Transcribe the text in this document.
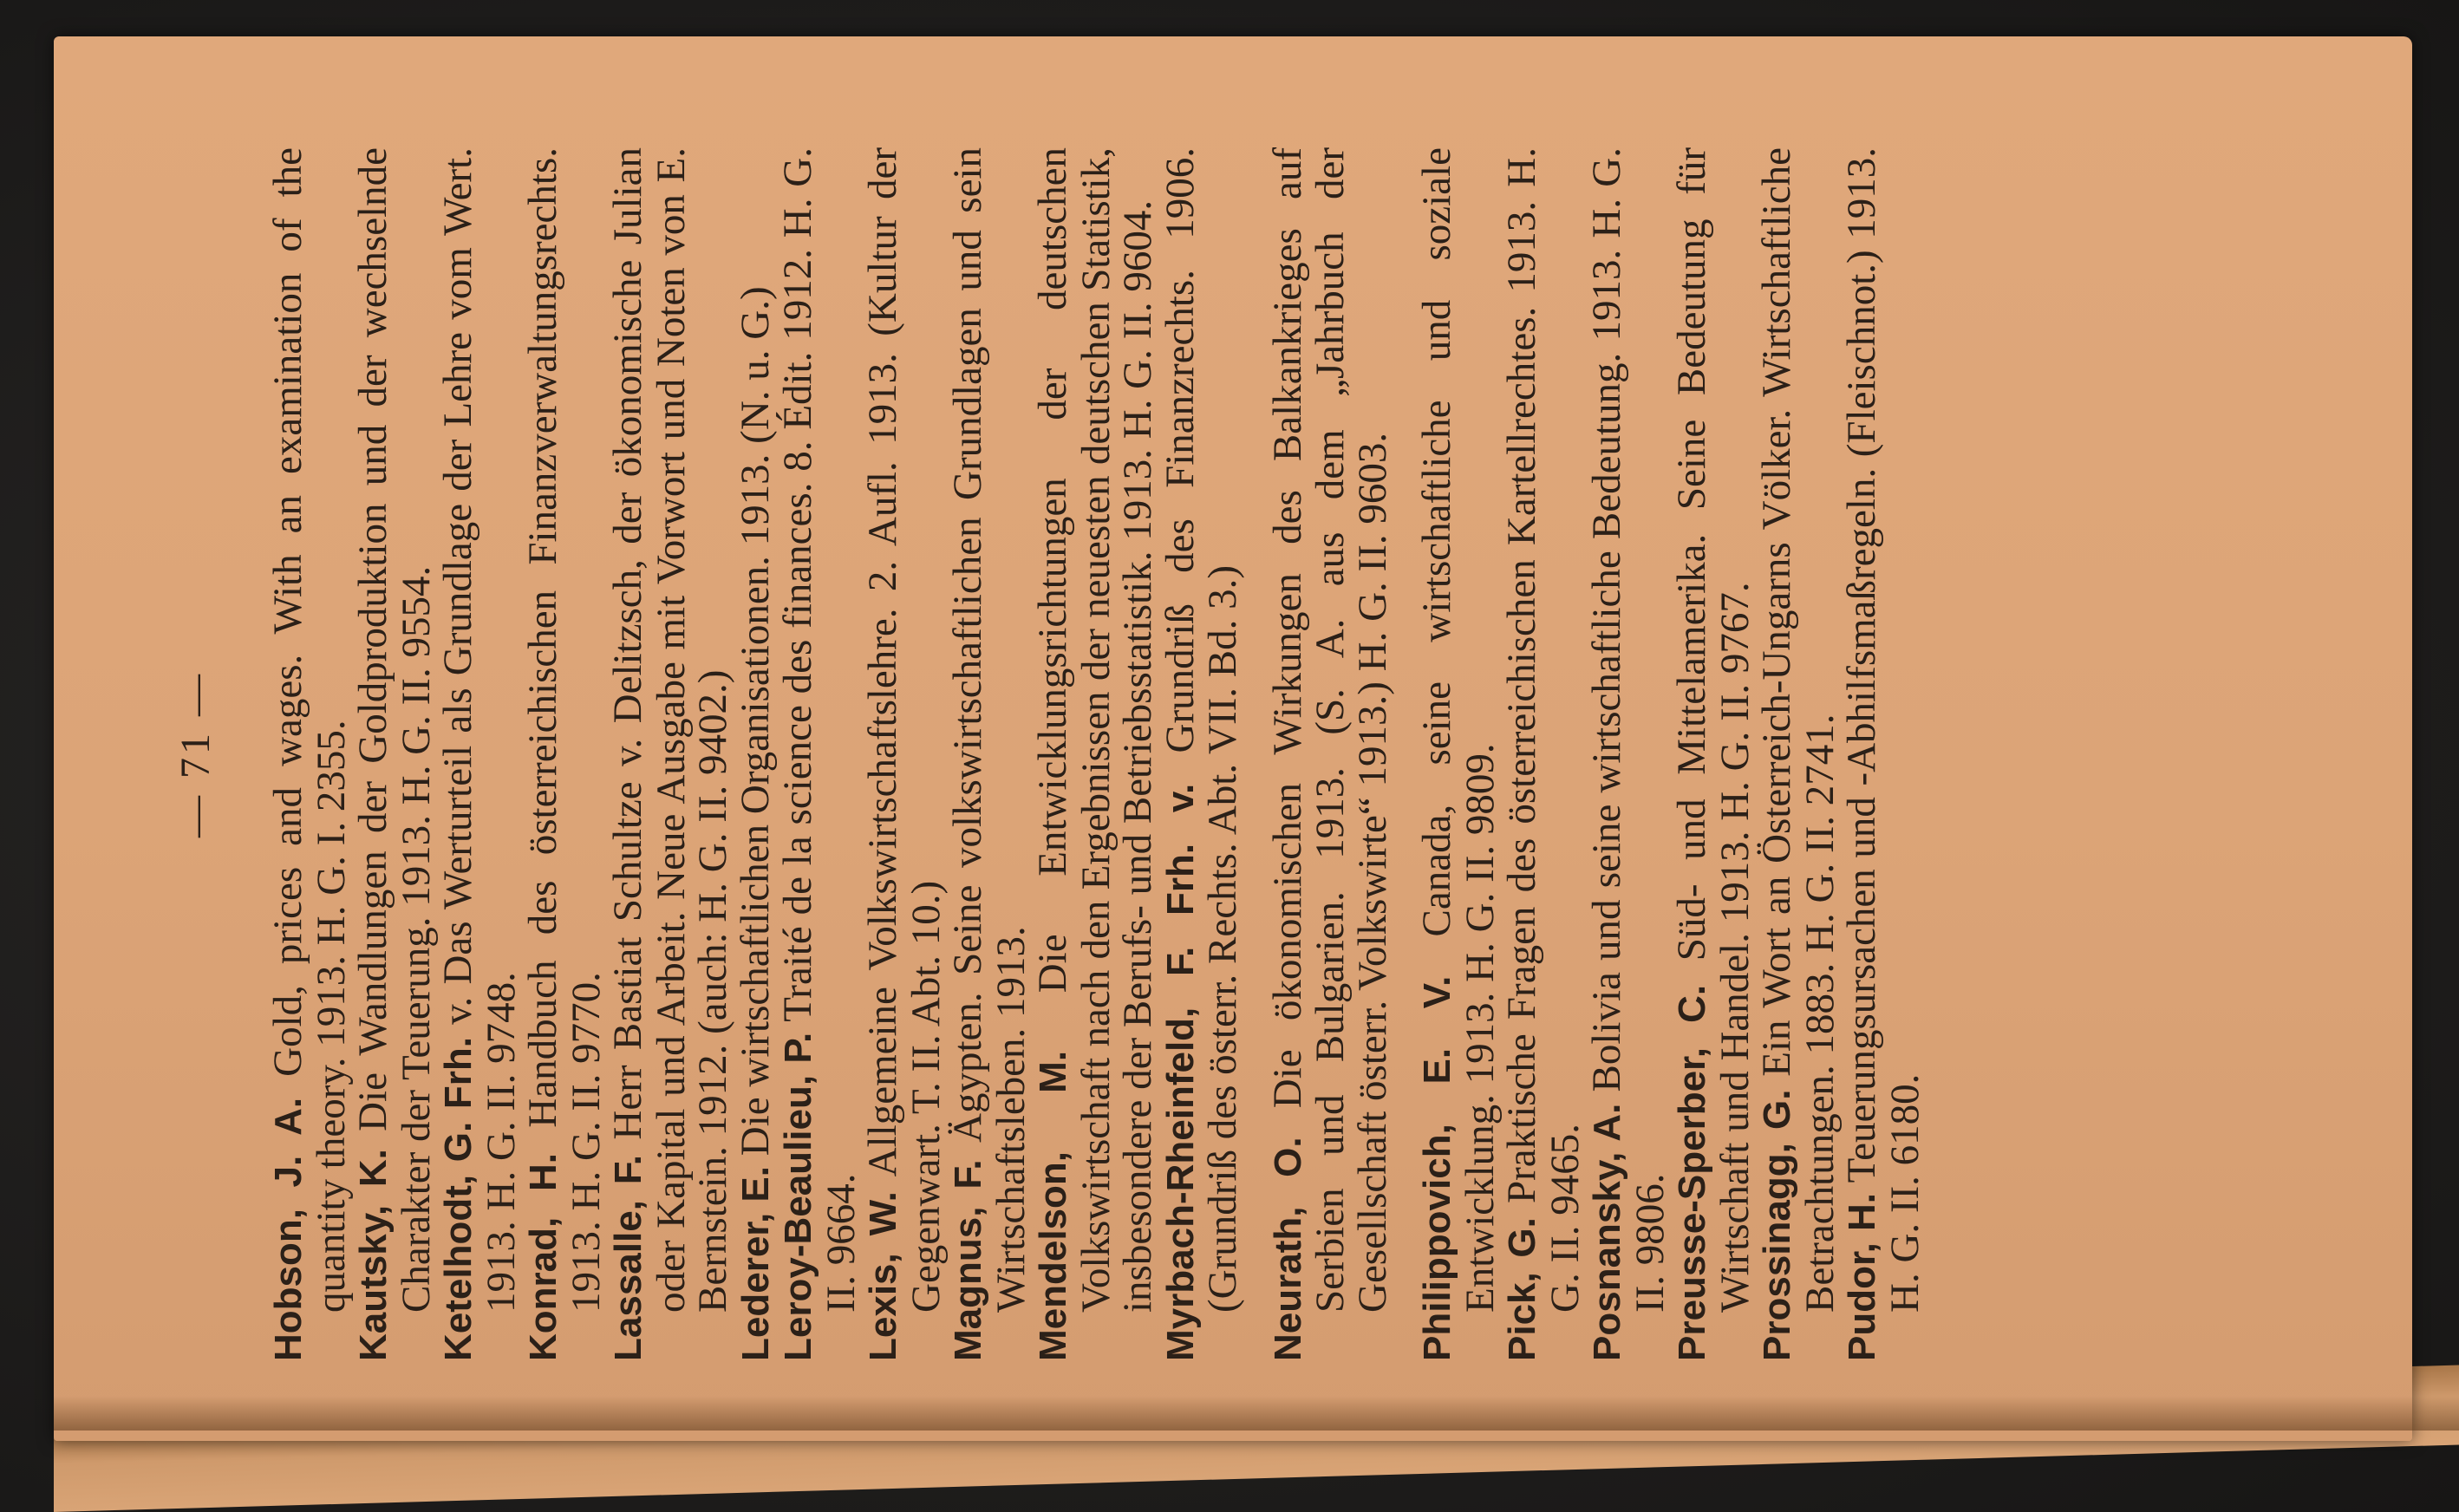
— 71 —

Hobson, J. A. Gold, prices and wages. With an examination of the quantity theory. 1913. H. G. I. 2355.

Kautsky, K. Die Wandlungen der Goldproduktion und der wechselnde Charakter der Teuerung. 1913. H. G. II. 9554.

Ketelhodt, G. Frh. v. Das Werturteil als Grundlage der Lehre vom Wert. 1913. H. G. II. 9748.

Konrad, H. Handbuch des österreichischen Finanzverwaltungsrechts. 1913. H. G. II. 9770.

Lassalle, F. Herr Bastiat Schultze v. Delitzsch, der ökonomische Julian oder Kapital und Arbeit. Neue Ausgabe mit Vorwort und Noten von E. Bernstein. 1912. (auch: H. G. II. 9402.)

Lederer, E. Die wirtschaftlichen Organisationen. 1913. (N. u. G.)

Leroy-Beaulieu, P. Traité de la science des finances. 8. Édit. 1912. H. G. II. 9664.

Lexis, W. Allgemeine Volkswirtschaftslehre. 2. Aufl. 1913. (Kultur der Gegenwart. T. II. Abt. 10.)

Magnus, F. Ägypten. Seine volkswirtschaftlichen Grundlagen und sein Wirtschaftsleben. 1913.

Mendelson, M. Die Entwicklungsrichtungen der deutschen Volkswirtschaft nach den Ergebnissen der neuesten deutschen Statistik, insbesondere der Berufs- und Betriebsstatistik. 1913. H. G. II. 9604.

Myrbach-Rheinfeld, F. Frh. v. Grundriß des Finanzrechts. 1906. (Grundriß des österr. Rechts. Abt. VII. Bd. 3.) Neurath, O. Die ökonomischen Wirkungen des Balkankrieges auf Serbien und Bulgarien. 1913. (S. A. aus dem „Jahrbuch der Gesellschaft österr. Volkswirte“ 1913.) H. G. II. 9603. Philippovich, E. V. Canada, seine wirtschaftliche und soziale Entwicklung. 1913. H. G. II. 9809.

Pick, G. Praktische Fragen des österreichischen Kartellrechtes. 1913. H. G. II. 9465.

Posnansky, A. Bolivia und seine wirtschaftliche Bedeutung. 1913. H. G. II. 9806.

Preusse-Sperber, C. Süd- und Mittelamerika. Seine Bedeutung für Wirtschaft und Handel. 1913. H. G. II. 9767.

Prossinagg, G. Ein Wort an Österreich-Ungarns Völker. Wirtschaftliche Betrachtungen. 1883. H. G. II. 2741.

Pudor, H. Teuerungsursachen und -Abhilfsmaßregeln. (Fleischnot.) 1913. H. G. II. 6180.
